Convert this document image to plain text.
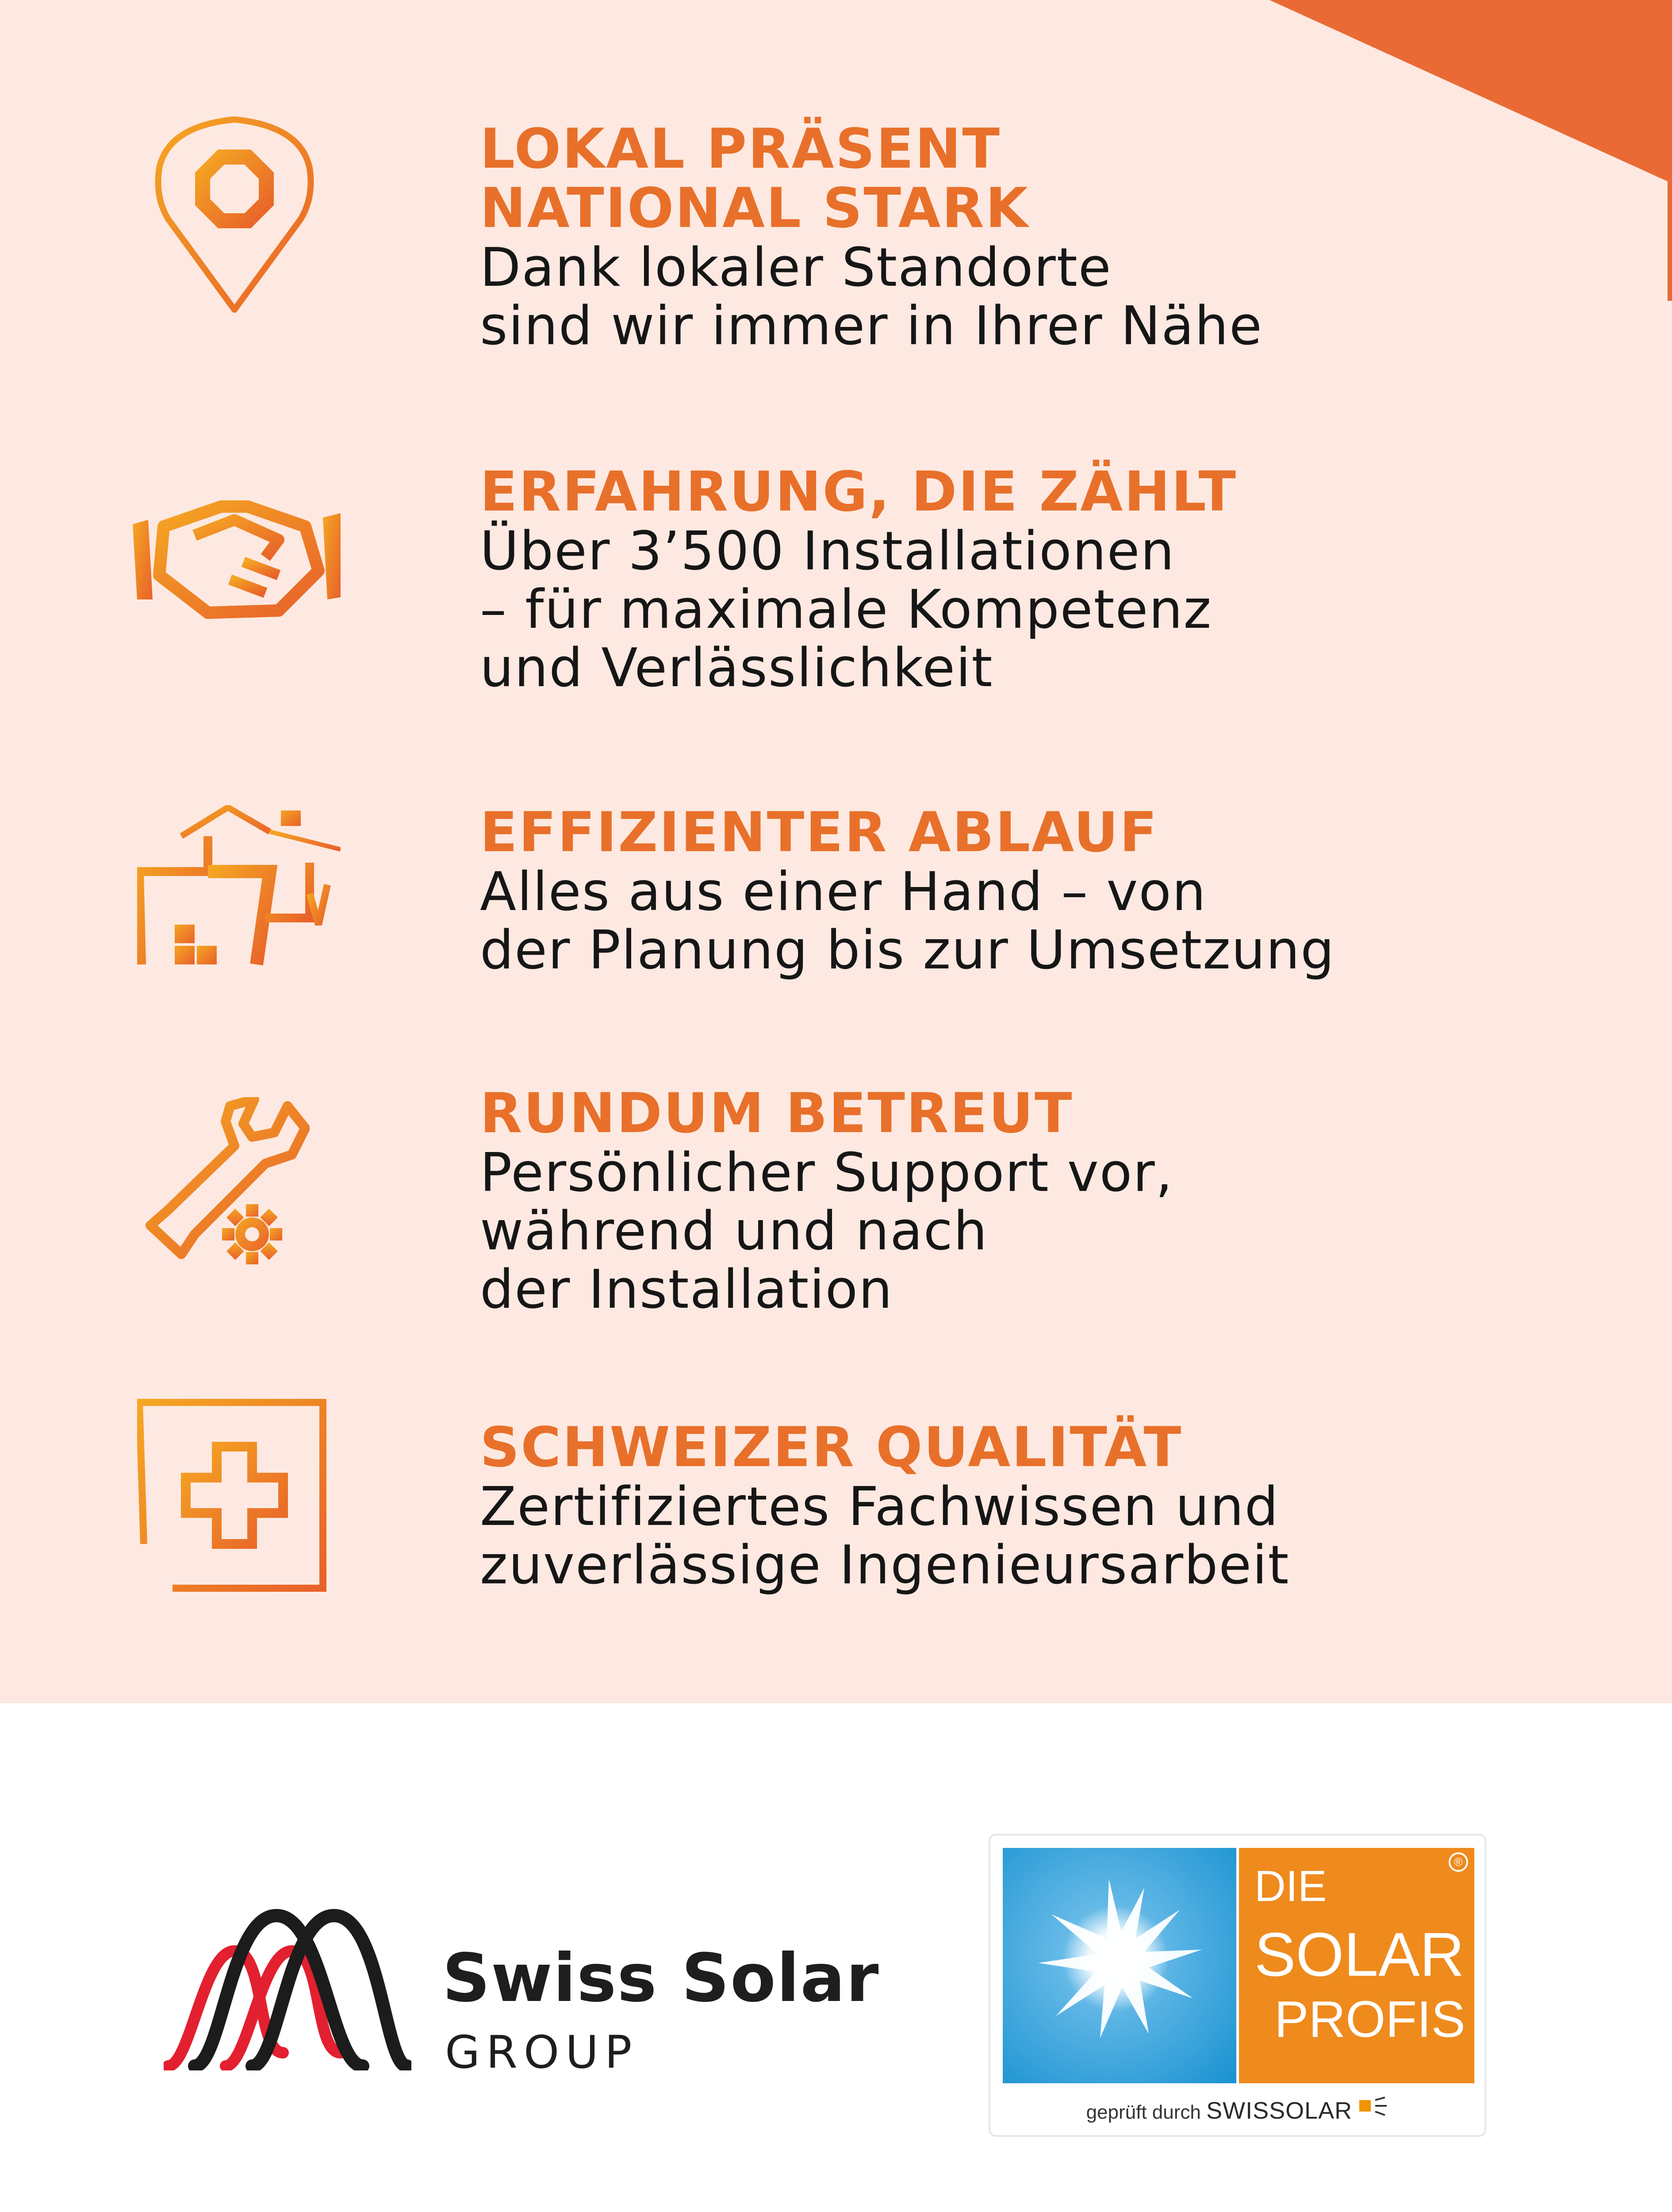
LOKAL PRÄSENT
NATIONAL STARK
Dank lokaler Standorte
sind wir immer in Ihrer Nähe
ERFAHRUNG, DIE ZÄHLT
Über 3’500 Installationen
– für maximale Kompetenz
und Verlässlichkeit
EFFIZIENTER ABLAUF
Alles aus einer Hand – von
der Planung bis zur Umsetzung
RUNDUM BETREUT
Persönlicher Support vor,
während und nach
der Installation
SCHWEIZER QUALITÄT
Zertifiziertes Fachwissen und
zuverlässige Ingenieursarbeit
Swiss Solar
GROUP
DIE
SOLAR
PROFIS
®
geprüft durch SWISSOLAR
